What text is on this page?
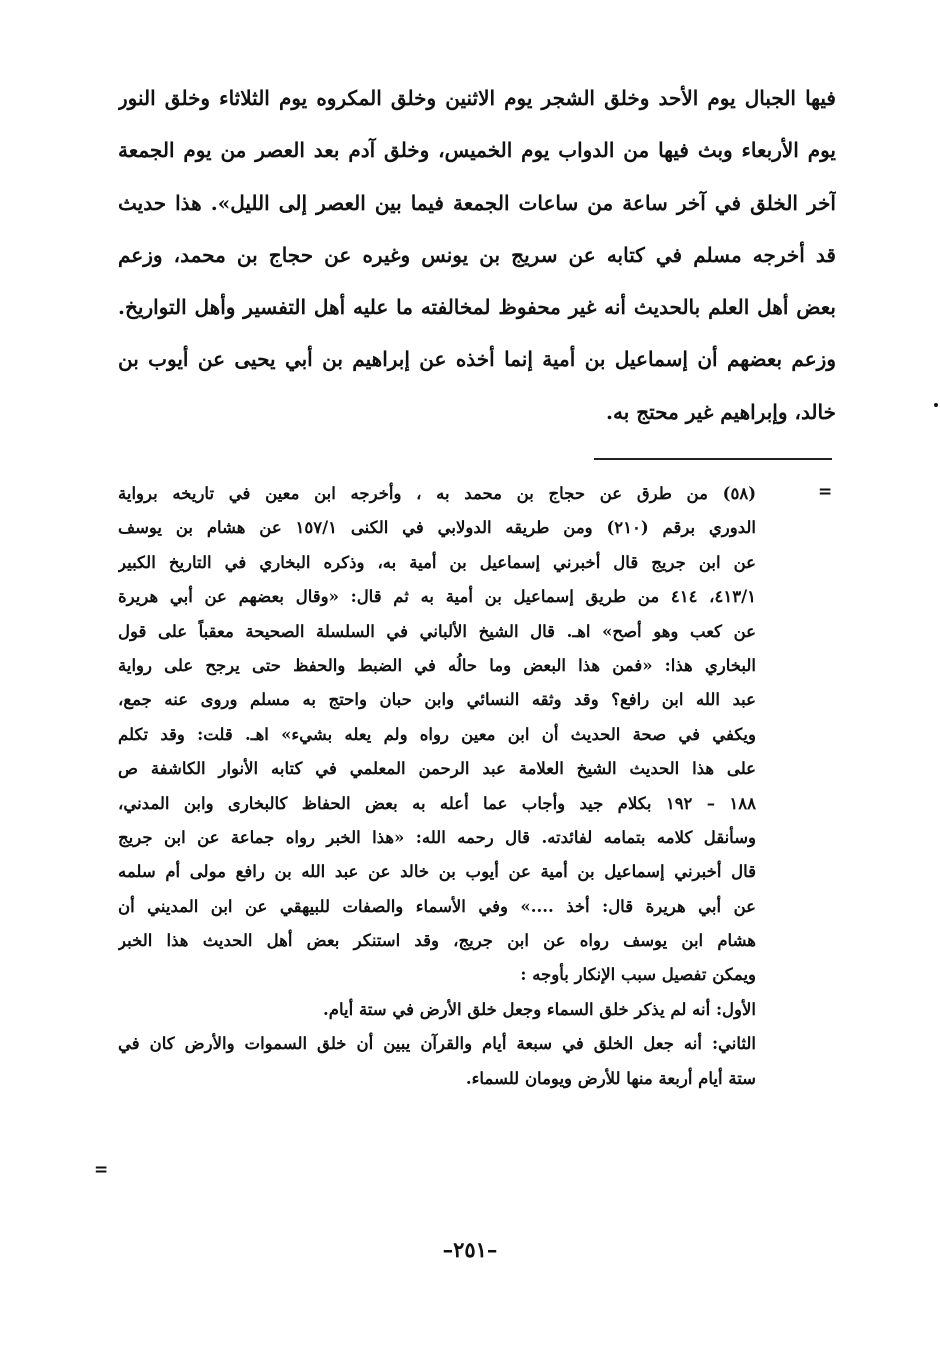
فيها الجبال يوم الأحد وخلق الشجر يوم الاثنين وخلق المكروه يوم الثلاثاء وخلق النور
يوم الأربعاء وبث فيها من الدواب يوم الخميس، وخلق آدم بعد العصر من يوم الجمعة
آخر الخلق في آخر ساعة من ساعات الجمعة فيما بين العصر إلى الليل». هذا حديث
قد أخرجه مسلم في كتابه عن سريج بن يونس وغيره عن حجاج بن محمد، وزعم
بعض أهل العلم بالحديث أنه غير محفوظ لمخالفته ما عليه أهل التفسير وأهل التواريخ.
وزعم بعضهم أن إسماعيل بن أمية إنما أخذه عن إبراهيم بن أبي يحيى عن أيوب بن
خالد، وإبراهيم غير محتج به.
=
(٥٨) من طرق عن حجاج بن محمد به ، وأخرجه ابن معين في تاريخه برواية
الدوري برقم (٢١٠) ومن طريقه الدولابي في الكنى ١٥٧/١ عن هشام بن يوسف
عن ابن جريج قال أخبرني إسماعيل بن أمية به، وذكره البخاري في التاريخ الكبير
٤١٣/١، ٤١٤ من طريق إسماعيل بن أمية به ثم قال: «وقال بعضهم عن أبي هريرة
عن كعب وهو أصح» اهـ. قال الشيخ الألباني في السلسلة الصحيحة معقباً على قول
البخاري هذا: «فمن هذا البعض وما حالُه في الضبط والحفظ حتى يرجح على رواية
عبد الله ابن رافع؟ وقد وثقه النسائي وابن حبان واحتج به مسلم وروى عنه جمع،
ويكفي في صحة الحديث أن ابن معين رواه ولم يعله بشيء» اهـ. قلت: وقد تكلم
على هذا الحديث الشيخ العلامة عبد الرحمن المعلمي في كتابه الأنوار الكاشفة ص
١٨٨ – ١٩٢ بكلام جيد وأجاب عما أعله به بعض الحفاظ كالبخارى وابن المدني،
وسأنقل كلامه بتمامه لفائدته. قال رحمه الله: «هذا الخبر رواه جماعة عن ابن جريج
قال أخبرني إسماعيل بن أمية عن أيوب بن خالد عن عبد الله بن رافع مولى أم سلمه
عن أبي هريرة قال: أخذ ....» وفي الأسماء والصفات للبيهقي عن ابن المديني أن
هشام ابن يوسف رواه عن ابن جريج، وقد استنكر بعض أهل الحديث هذا الخبر
ويمكن تفصيل سبب الإنكار بأوجه :
الأول: أنه لم يذكر خلق السماء وجعل خلق الأرض في ستة أيام.
الثاني: أنه جعل الخلق في سبعة أيام والقرآن يبين أن خلق السموات والأرض كان في
ستة أيام أربعة منها للأرض ويومان للسماء.
=
–٢٥١–
